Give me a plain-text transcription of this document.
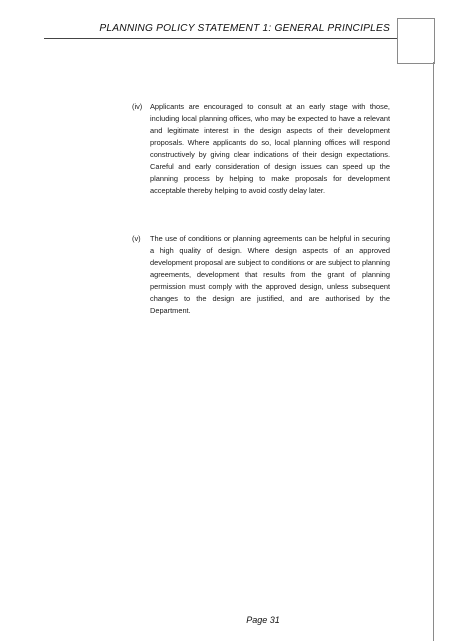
PLANNING POLICY STATEMENT 1: GENERAL PRINCIPLES
(iv) Applicants are encouraged to consult at an early stage with those, including local planning offices, who may be expected to have a relevant and legitimate interest in the design aspects of their development proposals. Where applicants do so, local planning offices will respond constructively by giving clear indications of their design expectations. Careful and early consideration of design issues can speed up the planning process by helping to make proposals for development acceptable thereby helping to avoid costly delay later.

(v) The use of conditions or planning agreements can be helpful in securing a high quality of design. Where design aspects of an approved development proposal are subject to conditions or are subject to planning agreements, development that results from the grant of planning permission must comply with the approved design, unless subsequent changes to the design are justified, and are authorised by the Department.

Page 31
